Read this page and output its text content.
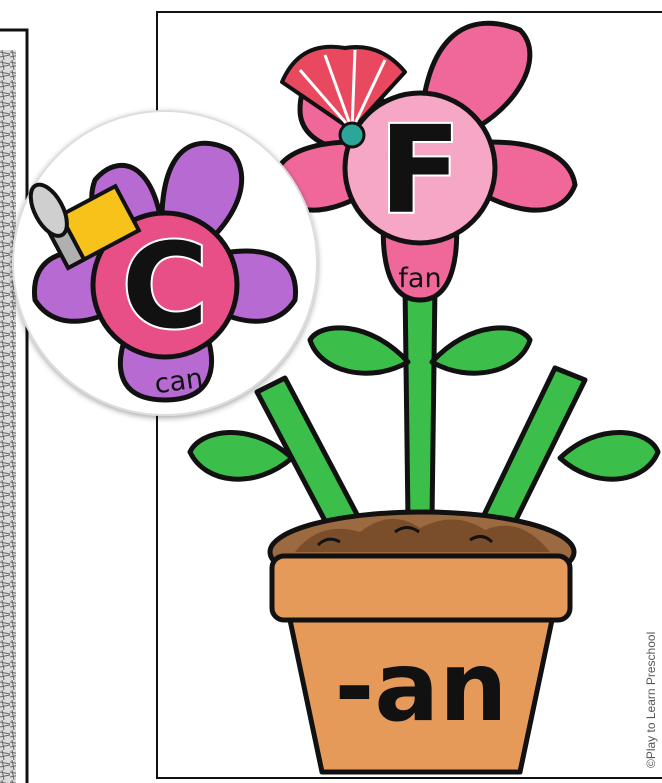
-an
F
fan
C
can
©Play to Learn Preschool
